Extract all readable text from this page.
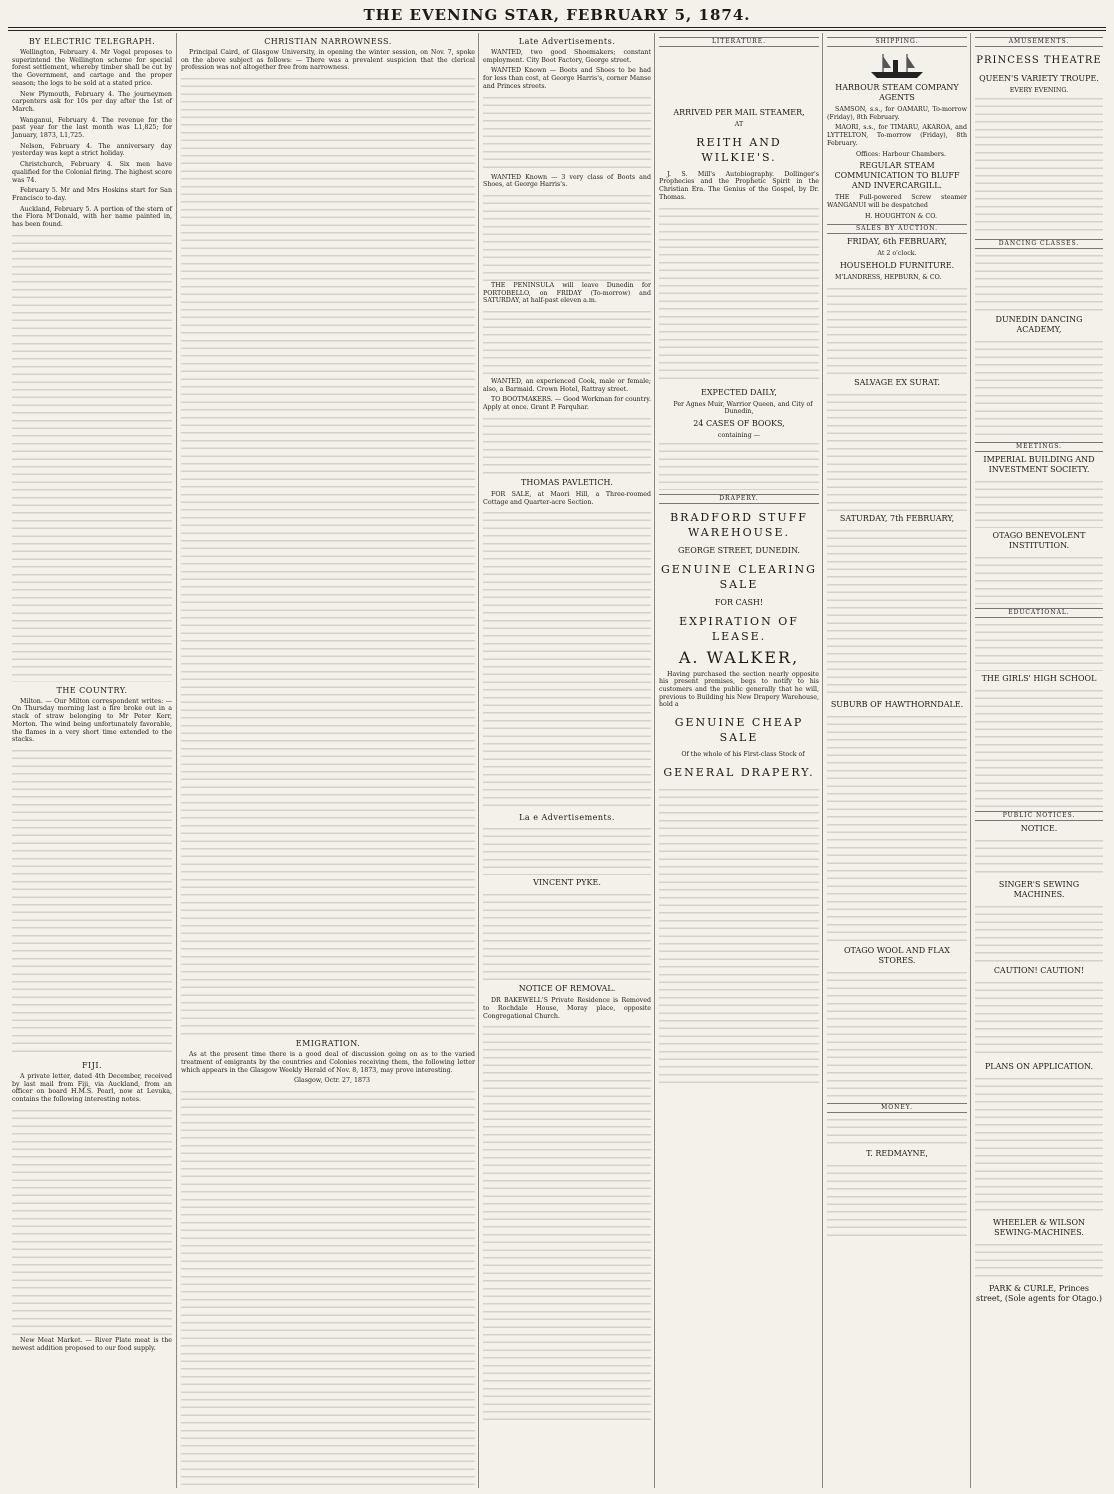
THE EVENING STAR, FEBRUARY 5, 1874.
BY ELECTRIC TELEGRAPH.

Wellington, February 4. Mr Vogel proposes to superintend the Wellington scheme for special forest settlement, whereby timber shall be cut by the Government, and cartage and the proper season; the logs to be sold at a stated price.

New Plymouth, February 4. The journeymen carpenters ask for 10s per day after the 1st of March.

Wanganui, February 4. The revenue for the past year for the last month was L1,825; for January, 1873, L1,725.

Nelson, February 4. The anniversary day yesterday was kept a strict holiday.

Christchurch, February 4. Six men have qualified for the Colonial firing. The highest score was 74.

February 5. Mr and Mrs Hoskins start for San Francisco to-day.

Auckland, February 5. A portion of the stern of the Flora M'Donald, with her name painted in, has been found.

THE COUNTRY.

Milton. — Our Milton correspondent writes: — On Thursday morning last a fire broke out in a stack of straw belonging to Mr Peter Kerr, Morton. The wind being unfortunately favorable, the flames in a very short time extended to the stacks.

FIJI.

A private letter, dated 4th December, received by last mail from Fiji, via Auckland, from an officer on board H.M.S. Pearl, now at Levuka, contains the following interesting notes.

New Meat Market. — River Plate meat is the newest addition proposed to our food supply.

CHRISTIAN NARROWNESS.

Principal Caird, of Glasgow University, in opening the winter session, on Nov. 7, spoke on the above subject as follows: — There was a prevalent suspicion that the clerical profession was not altogether free from narrowness.

EMIGRATION.

As at the present time there is a good deal of discussion going on as to the varied treatment of emigrants by the countries and Colonies receiving them, the following letter which appears in the Glasgow Weekly Herald of Nov. 8, 1873, may prove interesting.

Glasgow, Octr. 27, 1873

Late Advertisements.

WANTED, two good Shoemakers; constant employment. City Boot Factory, George street.

WANTED Known — Boots and Shoes to be had for less than cost, at George Harris's, corner Manse and Princes streets.

WANTED Known — 3 very class of Boots and Shoes, at George Harris's.

THE PENINSULA will leave Dunedin for PORTOBELLO, on FRIDAY (To-morrow) and SATURDAY, at half-past eleven a.m.

WANTED, an experienced Cook, male or female; also, a Barmaid. Crown Hotel, Rattray street.

TO BOOTMAKERS. — Good Workman for country. Apply at once. Grant P. Farquhar.

THOMAS PAVLETICH.

FOR SALE, at Maori Hill, a Three-roomed Cottage and Quarter-acre Section.

La e Advertisements.
VINCENT PYKE.
NOTICE OF REMOVAL.

DR BAKEWELL'S Private Residence is Removed to Rochdale House, Moray place, opposite Congregational Church.

LITERATURE.
ARRIVED PER MAIL STEAMER,
AT
REITH AND WILKIE'S.

J. S. Mill's Autobiography. Dollinger's Prophecies and the Prophetic Spirit in the Christian Era. The Genius of the Gospel, by Dr. Thomas.

EXPECTED DAILY,

Per Agnes Muir, Warrior Queen, and City of Dunedin,

24 CASES OF BOOKS,
containing —
DRAPERY.
BRADFORD STUFF WAREHOUSE.
GEORGE STREET, DUNEDIN.
GENUINE CLEARING SALE
FOR CASH!
EXPIRATION OF LEASE.
A. WALKER,

Having purchased the section nearly opposite his present premises, begs to notify to his customers and the public generally that he will, previous to Building his New Drapery Warehouse, hold a

GENUINE CHEAP SALE

Of the whole of his First-class Stock of

GENERAL DRAPERY.
SHIPPING.
HARBOUR STEAM COMPANY AGENTS

SAMSON, s.s., for OAMARU, To-morrow (Friday), 8th February.

MAORI, s.s., for TIMARU, AKAROA, and LYTTELTON, To-morrow (Friday), 8th February.

Offices: Harbour Chambers.

REGULAR STEAM COMMUNICATION TO BLUFF AND INVERCARGILL.

THE Full-powered Screw steamer WANGANUI will be despatched

H. HOUGHTON & CO.

SALES BY AUCTION.
FRIDAY, 6th FEBRUARY,
At 2 o'clock.
HOUSEHOLD FURNITURE.

M'LANDRESS, HEPBURN, & CO.

SALVAGE EX SURAT.
SATURDAY, 7th FEBRUARY,
SUBURB OF HAWTHORNDALE.
OTAGO WOOL AND FLAX STORES.
MONEY.
T. REDMAYNE,
AMUSEMENTS.
PRINCESS THEATRE
QUEEN'S VARIETY TROUPE.
EVERY EVENING.
DANCING CLASSES.
DUNEDIN DANCING ACADEMY,
MEETINGS.
IMPERIAL BUILDING AND INVESTMENT SOCIETY.
OTAGO BENEVOLENT INSTITUTION.
EDUCATIONAL.
THE GIRLS' HIGH SCHOOL
PUBLIC NOTICES.
NOTICE.
SINGER'S SEWING MACHINES.
CAUTION! CAUTION!
PLANS ON APPLICATION.
WHEELER & WILSON SEWING-MACHINES.
PARK & CURLE, Princes street, (Sole agents for Otago.)
